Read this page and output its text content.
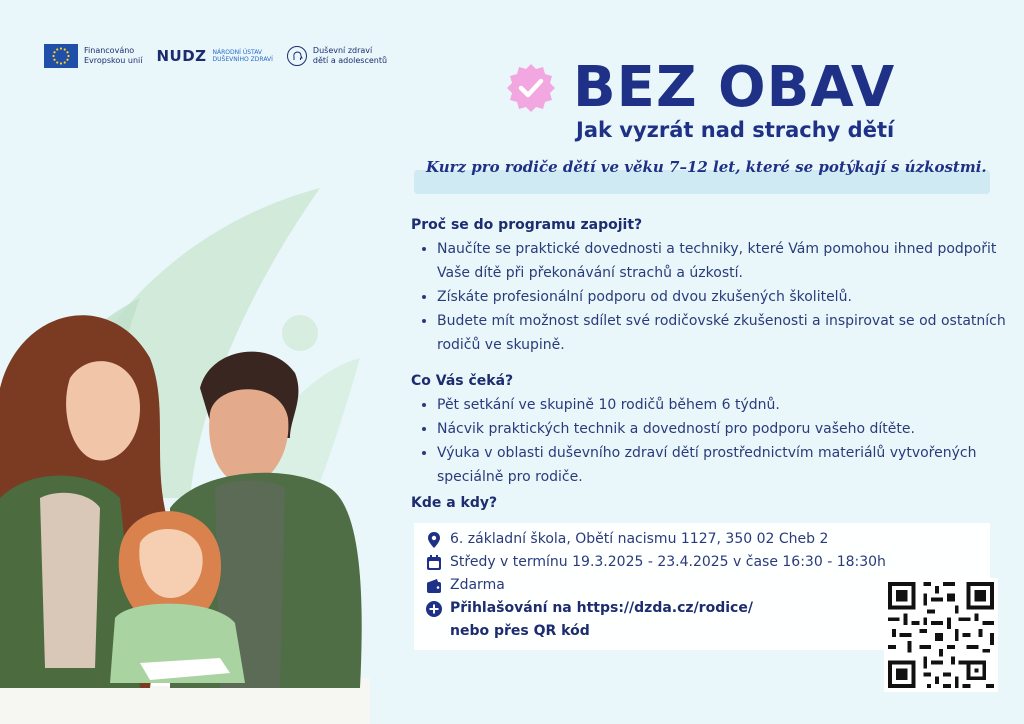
Financováno
Evropskou unií NUDZ NÁRODNÍ ÚSTAV
DUŠEVNÍHO ZDRAVÍ
Duševní zdraví
dětí a adolescentů	BEZ OBAV
Jak vyzrát nad strachy dětí
Kurz pro rodiče dětí ve věku 7–12 let, které se potýkají s úzkostmi.
Proč se do programu zapojit?
• Naučíte se praktické dovednosti a techniky, které Vám pomohou ihned podpořit Vaše dítě při překonávání strachů a úzkostí.
• Získáte profesionální podporu od dvou zkušených školitelů.
• Budete mít možnost sdílet své rodičovské zkušenosti a inspirovat se od ostatních rodičů ve skupině.
Co Vás čeká?
• Pět setkání ve skupině 10 rodičů během 6 týdnů.
• Nácvik praktických technik a dovedností pro podporu vašeho dítěte.
• Výuka v oblasti duševního zdraví dětí prostřednictvím materiálů vytvořených speciálně pro rodiče.
Kde a kdy?
6. základní škola, Obětí nacismu 1127, 350 02 Cheb 2
Středy v termínu 19.3.2025 - 23.4.2025 v čase 16:30 - 18:30h
Zdarma
Přihlašování na https://dzda.cz/rodice/
nebo přes QR kód
